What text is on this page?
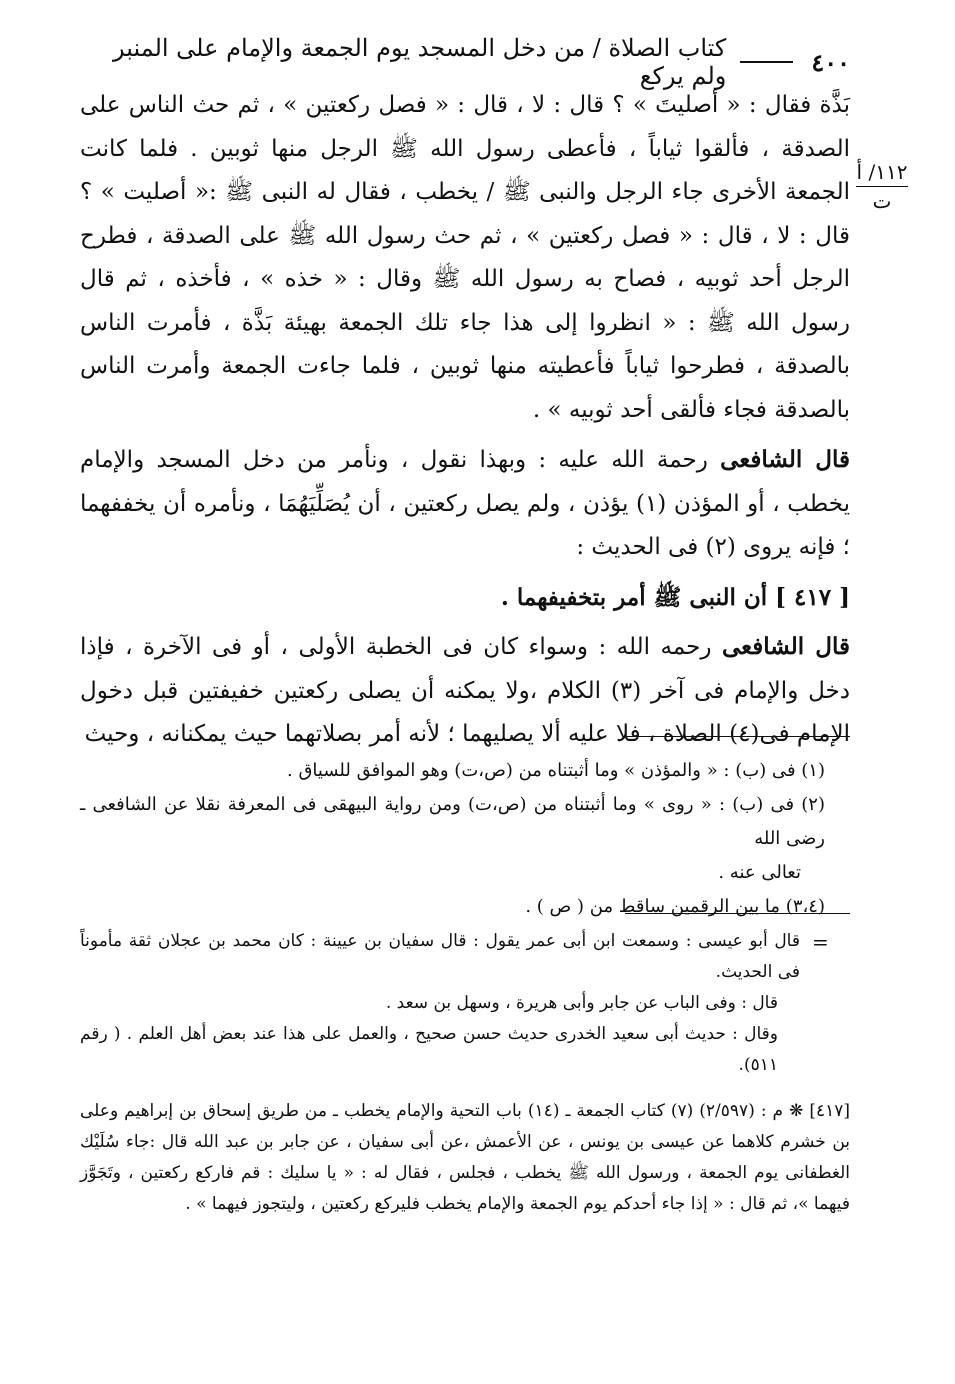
٤٠٠
كتاب الصلاة / من دخل المسجد يوم الجمعة والإمام على المنبر ولم يركع
١١٢/ أ
ت

بَذَّة فقال : « أصليتَ » ؟ قال : لا ، قال : « فصل ركعتين » ، ثم حث الناس على الصدقة ، فألقوا ثياباً ، فأعطى رسول الله ﷺ الرجل منها ثوبين . فلما كانت الجمعة الأخرى جاء الرجل والنبى ﷺ / يخطب ، فقال له النبى ﷺ :« أصليت » ؟ قال : لا ، قال : « فصل ركعتين » ، ثم حث رسول الله ﷺ على الصدقة ، فطرح الرجل أحد ثوبيه ، فصاح به رسول الله ﷺ وقال : « خذه » ، فأخذه ، ثم قال رسول الله ﷺ : « انظروا إلى هذا جاء تلك الجمعة بهيئة بَذَّة ، فأمرت الناس بالصدقة ، فطرحوا ثياباً فأعطيته منها ثوبين ، فلما جاءت الجمعة وأمرت الناس بالصدقة فجاء فألقى أحد ثوبيه » .

قال الشافعى رحمة الله عليه : وبهذا نقول ، ونأمر من دخل المسجد والإمام يخطب ، أو المؤذن (١) يؤذن ، ولم يصل ركعتين ، أن يُصَلِّيَهُمَا ، ونأمره أن يخففهما ؛ فإنه يروى (٢) فى الحديث :

[ ٤١٧ ] أن النبى ﷺ أمر بتخفيفهما .

قال الشافعى رحمه الله : وسواء كان فى الخطبة الأولى ، أو فى الآخرة ، فإذا دخل والإمام فى آخر (٣) الكلام ،ولا يمكنه أن يصلى ركعتين خفيفتين قبل دخول الإمام فى(٤) الصلاة ، فلا عليه ألا يصليهما ؛ لأنه أمر بصلاتهما حيث يمكنانه ، وحيث

(١) فى (ب) : « والمؤذن » وما أثبتناه من (ص،ت) وهو الموافق للسياق .

(٢) فى (ب) : « روى » وما أثبتناه من (ص،ت) ومن رواية البيهقى فى المعرفة نقلا عن الشافعى ـ رضى الله

تعالى عنه .

(٣،٤) ما بين الرقمين ساقط من ( ص ) .

=

قال أبو عيسى : وسمعت ابن أبى عمر يقول : قال سفيان بن عيينة : كان محمد بن عجلان ثقة مأموناً فى الحديث.

قال : وفى الباب عن جابر وأبى هريرة ، وسهل بن سعد .

وقال : حديث أبى سعيد الخدرى حديث حسن صحيح ، والعمل على هذا عند بعض أهل العلم . ( رقم ٥١١).

[٤١٧] ❋ م : (٢/٥٩٧) (٧) كتاب الجمعة ـ (١٤) باب التحية والإمام يخطب ـ من طريق إسحاق بن إبراهيم وعلى بن خشرم كلاهما عن عيسى بن يونس ، عن الأعمش ،عن أبى سفيان ، عن جابر بن عبد الله قال :جاء سُلَيْك الغطفانى يوم الجمعة ، ورسول الله ﷺ يخطب ، فجلس ، فقال له : « يا سليك : قم فاركع ركعتين ، وتَجَوَّز فيهما »، ثم قال : « إذا جاء أحدكم يوم الجمعة والإمام يخطب فليركع ركعتين ، وليتجوز فيهما » .
